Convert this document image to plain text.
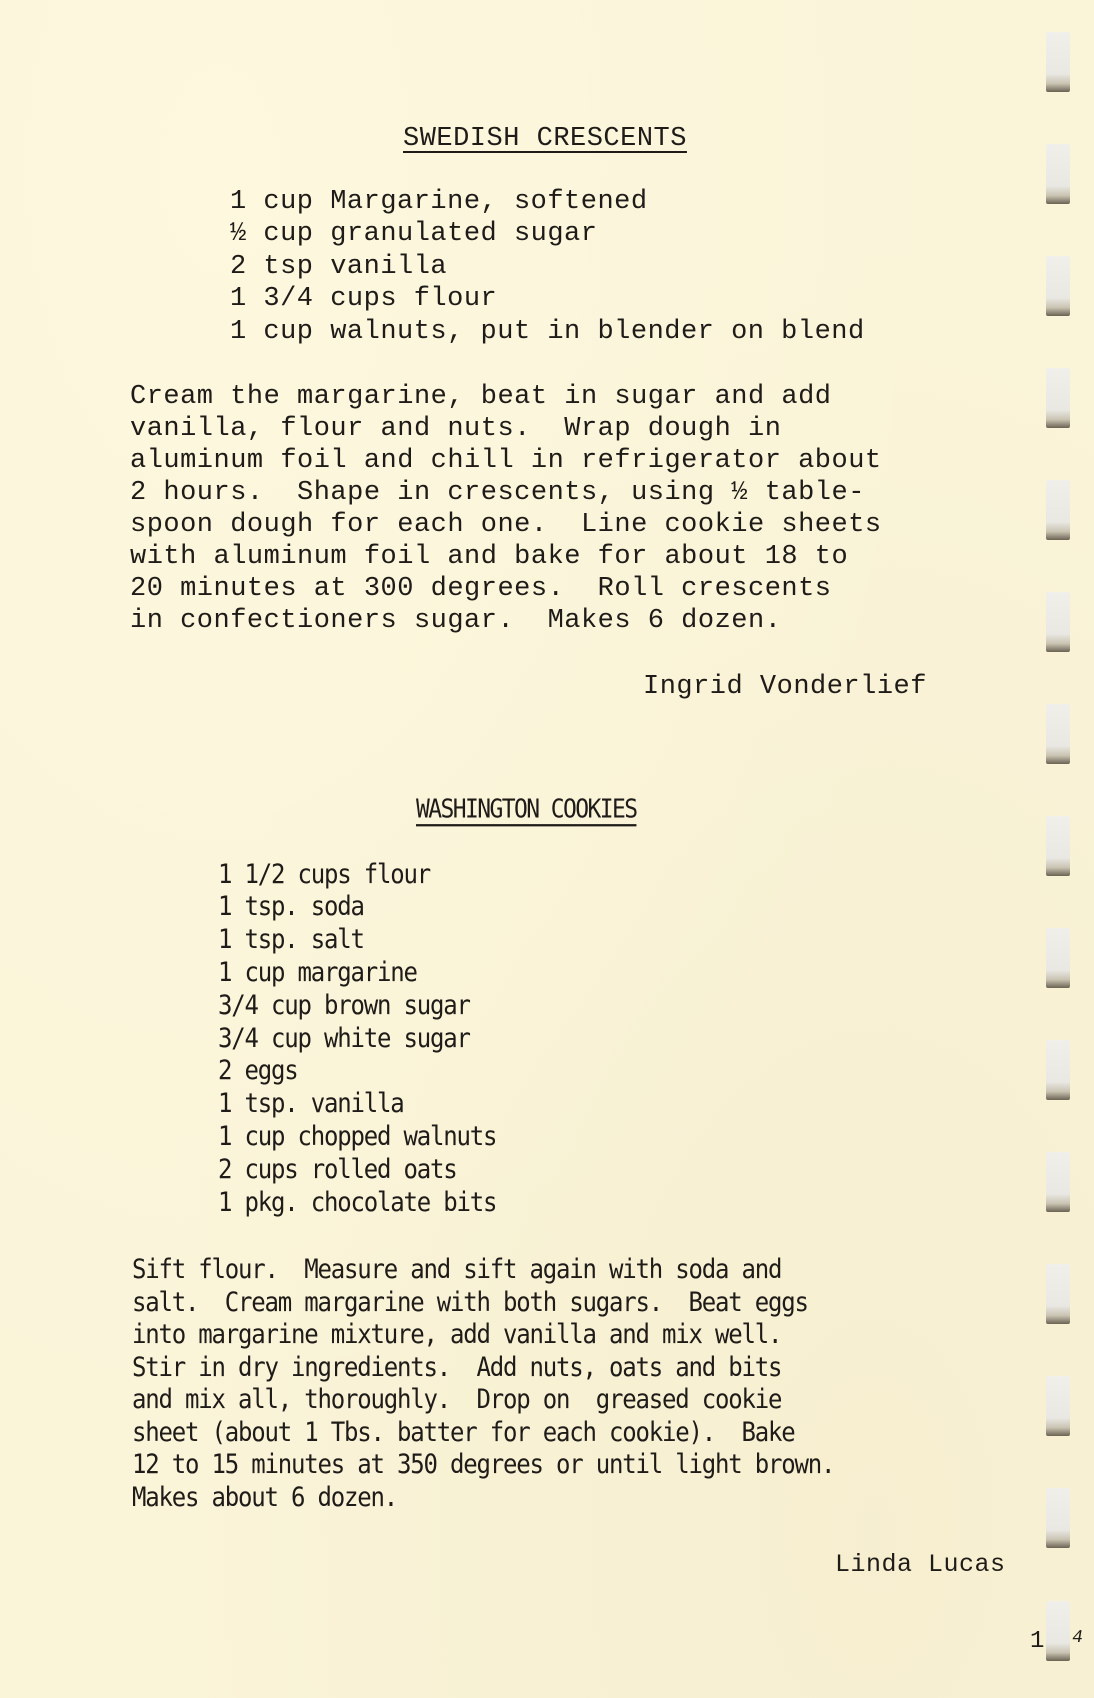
SWEDISH CRESCENTS
1 cup Margarine, softened
½ cup granulated sugar
2 tsp vanilla
1 3/4 cups flour
1 cup walnuts, put in blender on blend
Cream the margarine, beat in sugar and add
vanilla, flour and nuts.  Wrap dough in
aluminum foil and chill in refrigerator about
2 hours.  Shape in crescents, using ½ table-
spoon dough for each one.  Line cookie sheets
with aluminum foil and bake for about 18 to
20 minutes at 300 degrees.  Roll crescents
in confectioners sugar.  Makes 6 dozen.
Ingrid Vonderlief
WASHINGTON COOKIES
1 1/2 cups flour
1 tsp. soda
1 tsp. salt
1 cup margarine
3/4 cup brown sugar
3/4 cup white sugar
2 eggs
1 tsp. vanilla
1 cup chopped walnuts
2 cups rolled oats
1 pkg. chocolate bits
Sift flour.  Measure and sift again with soda and
salt.  Cream margarine with both sugars.  Beat eggs
into margarine mixture, add vanilla and mix well.
Stir in dry ingredients.  Add nuts, oats and bits
and mix all, thoroughly.  Drop on  greased cookie
sheet (about 1 Tbs. batter for each cookie).  Bake
12 to 15 minutes at 350 degrees or until light brown.
Makes about 6 dozen.
Linda Lucas
1 4
